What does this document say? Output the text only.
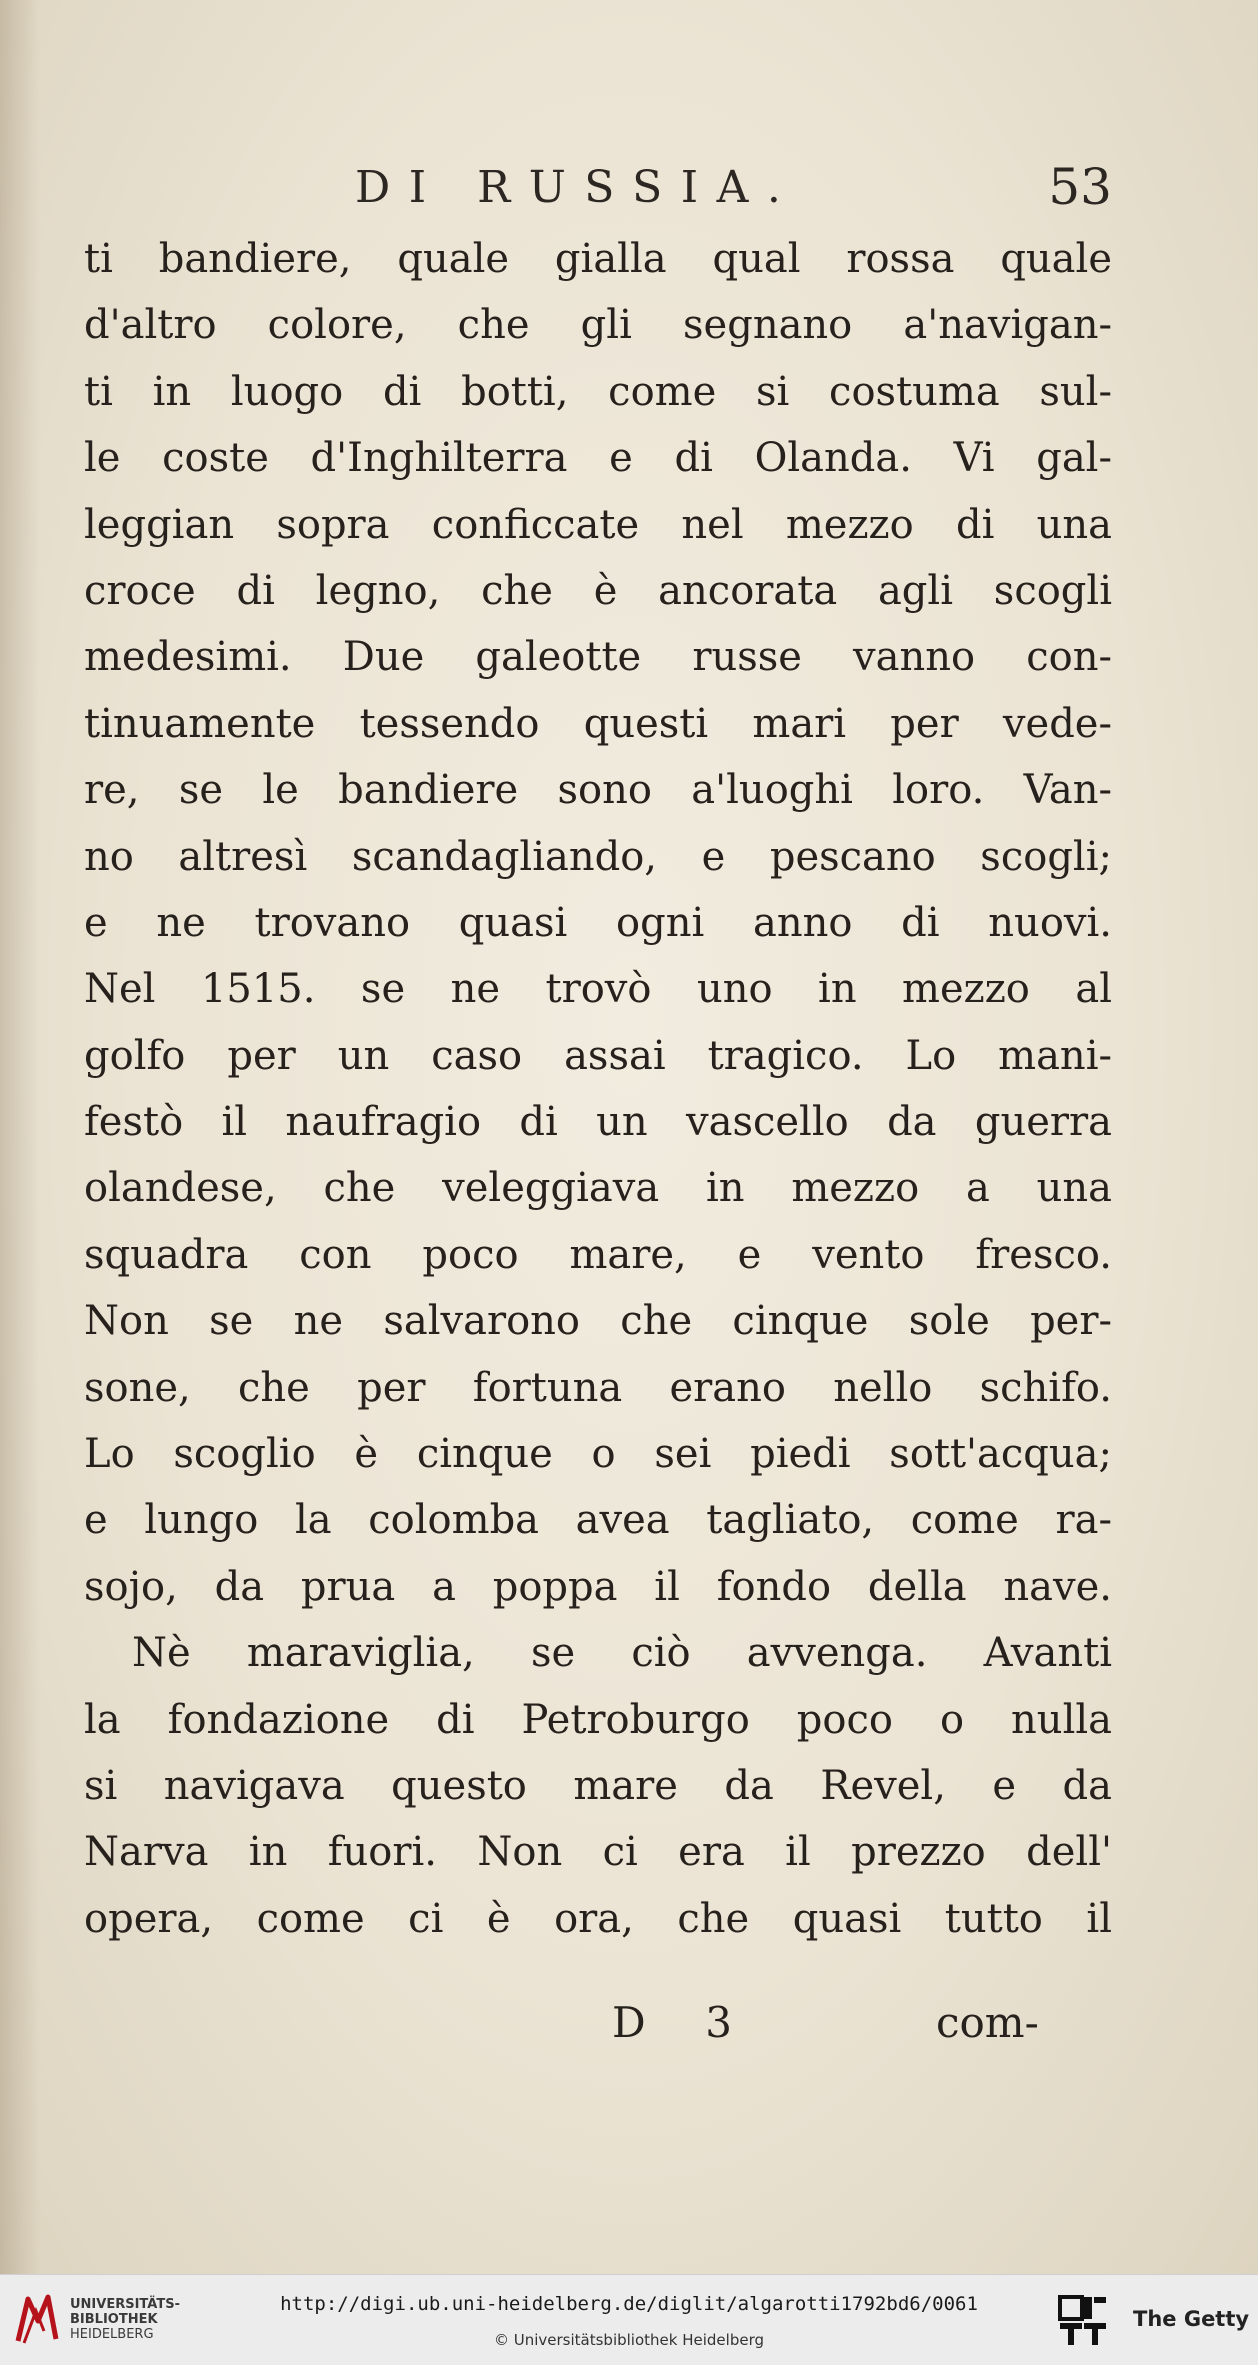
DI RUSSIA.	53
ti bandiere, quale gialla qual rossa quale
d'altro colore, che gli segnano a'navigan-
ti in luogo di botti, come si costuma sul-
le coste d'Inghilterra e di Olanda. Vi gal-
leggian sopra conficcate nel mezzo di una
croce di legno, che è ancorata agli scogli
medesimi. Due galeotte russe vanno con-
tinuamente tessendo questi mari per vede-
re, se le bandiere sono a'luoghi loro. Van-
no altresì scandagliando, e pescano scogli;
e ne trovano quasi ogni anno di nuovi.
Nel 1515. se ne trovò uno in mezzo al
golfo per un caso assai tragico. Lo mani-
festò il naufragio di un vascello da guerra
olandese, che veleggiava in mezzo a una
squadra con poco mare, e vento fresco.
Non se ne salvarono che cinque sole per-
sone, che per fortuna erano nello schifo.
Lo scoglio è cinque o sei piedi sott'acqua;
e lungo la colomba avea tagliato, come ra-
sojo, da prua a poppa il fondo della nave.
Nè maraviglia, se ciò avvenga. Avanti
la fondazione di Petroburgo poco o nulla
si navigava questo mare da Revel, e da
Narva in fuori. Non ci era il prezzo dell'
opera, come ci è ora, che quasi tutto il
D 3	com-
UNIVERSITÄTS-
BIBLIOTHEK
HEIDELBERG
http://digi.ub.uni-heidelberg.de/diglit/algarotti1792bd6/0061
© Universitätsbibliothek Heidelberg
The Getty
